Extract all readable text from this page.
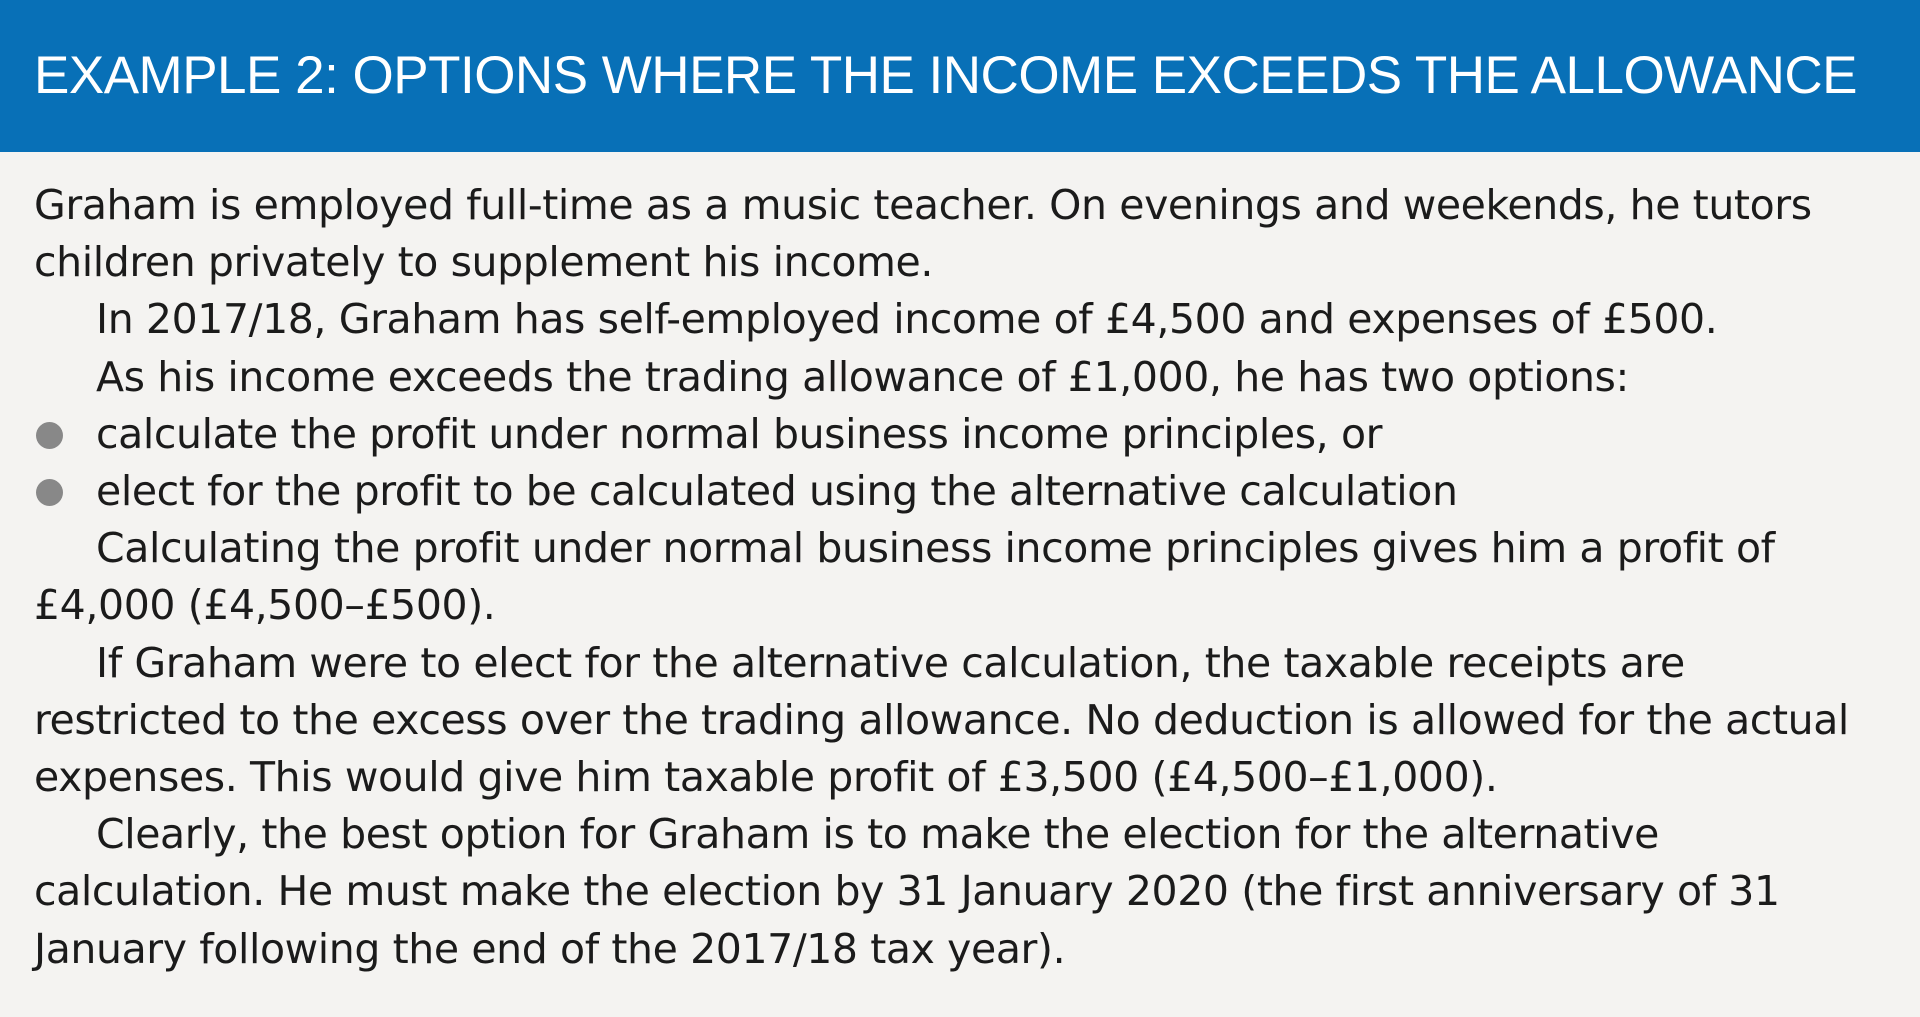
EXAMPLE 2: OPTIONS WHERE THE INCOME EXCEEDS THE ALLOWANCE

Graham is employed full-time as a music teacher. On evenings and weekends, he tutors children privately to supplement his income.

In 2017/18, Graham has self-employed income of £4,500 and expenses of £500.

As his income exceeds the trading allowance of £1,000, he has two options:

calculate the profit under normal business income principles, or
elect for the profit to be calculated using the alternative calculation

Calculating the profit under normal business income principles gives him a profit of £4,000 (£4,500–£500).

If Graham were to elect for the alternative calculation, the taxable receipts are restricted to the excess over the trading allowance. No deduction is allowed for the actual expenses. This would give him taxable profit of £3,500 (£4,500–£1,000).

Clearly, the best option for Graham is to make the election for the alternative calculation. He must make the election by 31 January 2020 (the first anniversary of 31 January following the end of the 2017/18 tax year).
